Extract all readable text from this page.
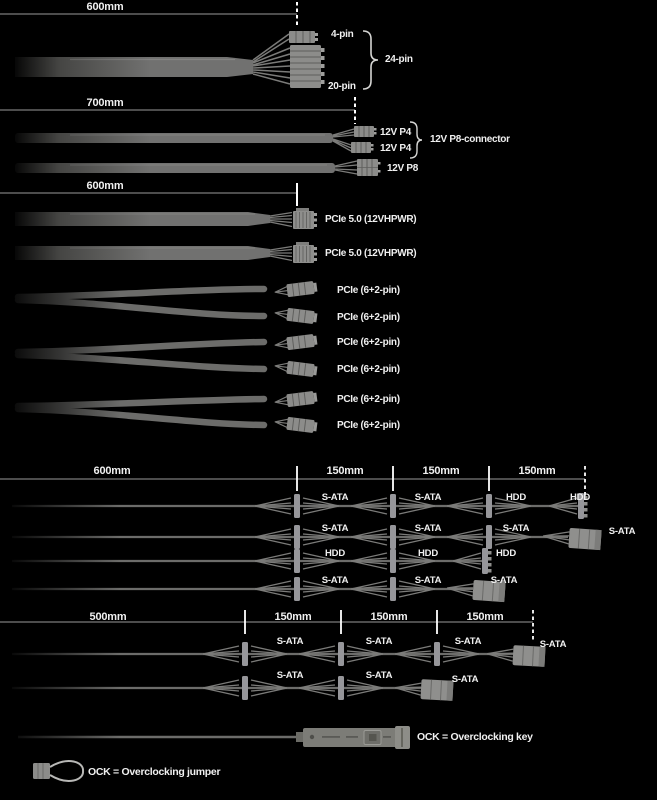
600mm
4-pin
20-pin
24-pin
700mm
12V P4
12V P4
12V P8-connector
12V P8
600mm
PCIe 5.0 (12VHPWR)
PCIe 5.0 (12VHPWR)
PCIe (6+2-pin)
PCIe (6+2-pin)
PCIe (6+2-pin)
PCIe (6+2-pin)
PCIe (6+2-pin)
PCIe (6+2-pin)
600mm	150mm	150mm	150mm
S-ATA	S-ATA	HDD	HDD
S-ATA	S-ATA	S-ATA	S-ATA
HDD	HDD	HDD
S-ATA	S-ATA	S-ATA
500mm	150mm	150mm	150mm
S-ATA	S-ATA	S-ATA	S-ATA
S-ATA	S-ATA	S-ATA
OCK = Overclocking key
OCK = Overclocking jumper
